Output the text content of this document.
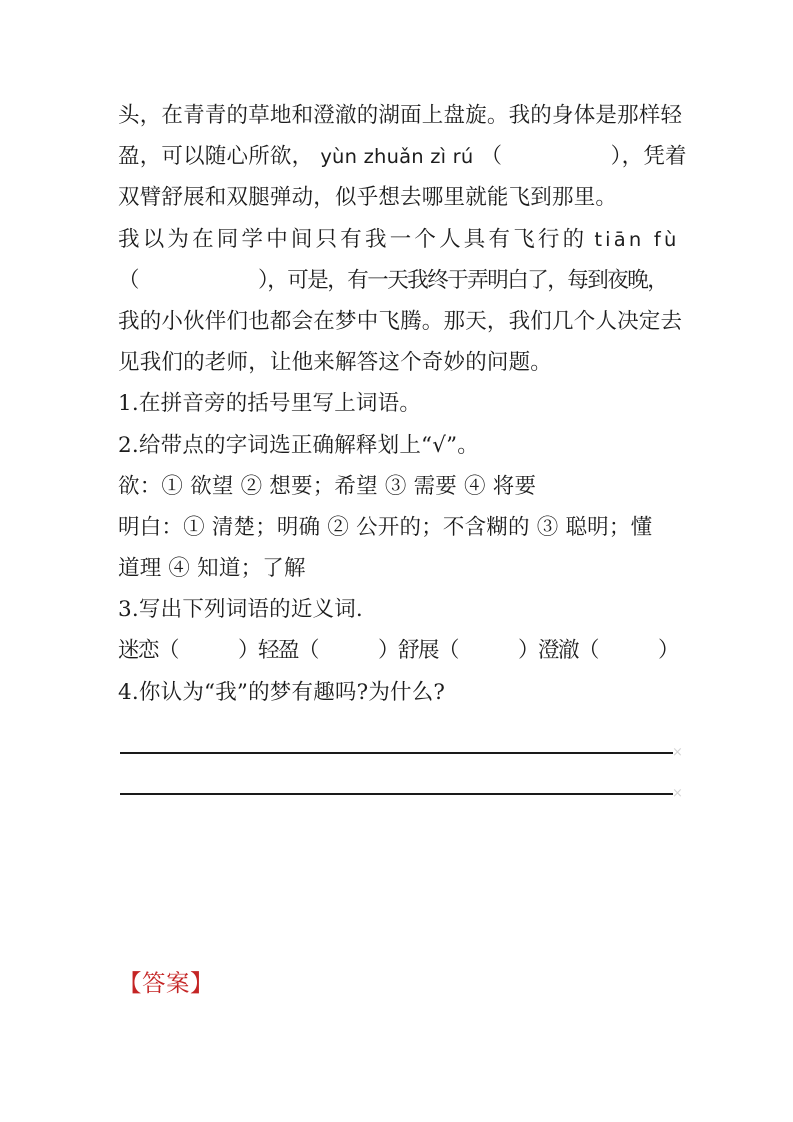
头，在青青的草地和澄澈的湖面上盘旋。我的身体是那样轻
盈，可以随心所欲， yùn zhuǎn zì rú （　　　　　），凭着
双臂舒展和双腿弹动，似乎想去哪里就能飞到那里。
我以为在同学中间只有我一个人具有飞行的 tiān fù
（　　　　　　），可是，有一天我终于弄明白了，每到夜晚，
我的小伙伴们也都会在梦中飞腾。那天，我们几个人决定去
见我们的老师，让他来解答这个奇妙的问题。
1.在拼音旁的括号里写上词语。
2.给带点的字词选正确解释划上“√”。
欲：① 欲望 ② 想要；希望 ③ 需要 ④ 将要
明白：① 清楚；明确 ② 公开的；不含糊的 ③ 聪明；懂
道理 ④ 知道；了解
3.写出下列词语的近义词.
迷恋（　　　）轻盈（　　　）舒展（　　　）澄澈（　　　）
4.你认为“我”的梦有趣吗?为什么?
×
×
【答案】
